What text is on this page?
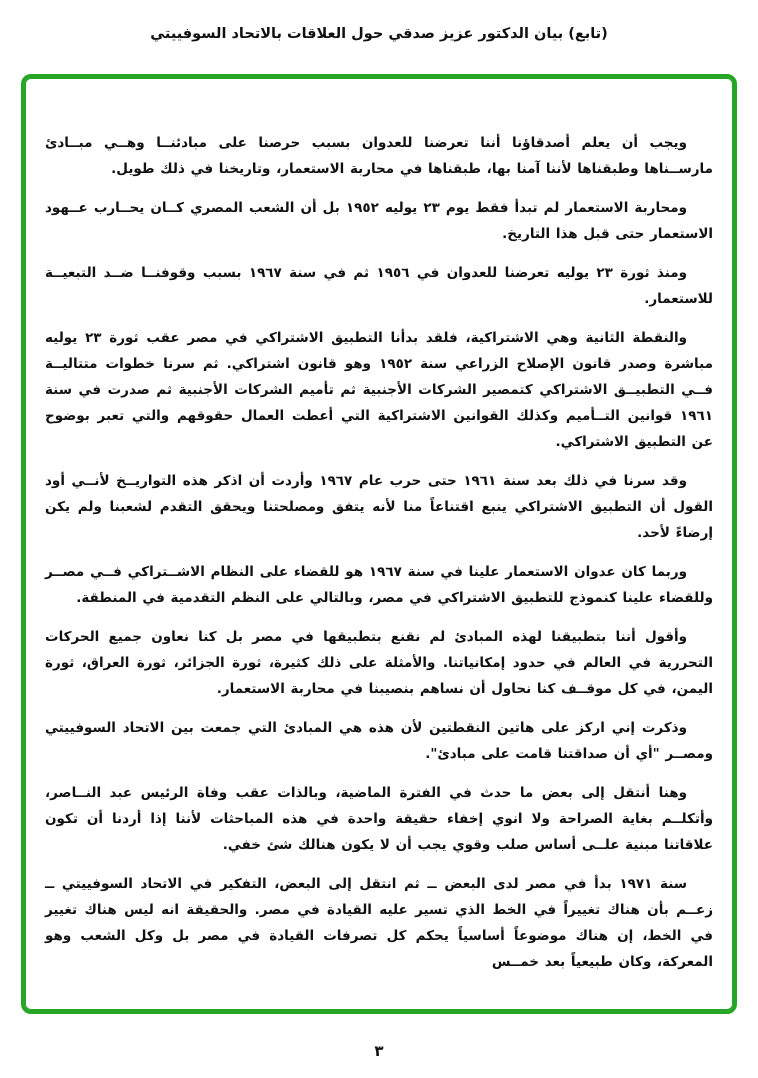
(تابع) بيان الدكتور عزيز صدقي حول العلاقات بالاتحاد السوفييتي

ويجب أن يعلم أصدقاؤنا أننا تعرضنا للعدوان بسبب حرصنا على مبادئنــا وهــي مبــادئ مارســناها وطبقناها لأننا آمنا بها، طبقناها في محاربة الاستعمار، وتاريخنا في ذلك طويل.

ومحاربة الاستعمار لم تبدأ فقط يوم ٢٣ يوليه ١٩٥٢ بل أن الشعب المصري كــان يحــارب عــهود الاستعمار حتى قبل هذا التاريخ.

ومنذ ثورة ٢٣ يوليه تعرضنا للعدوان في ١٩٥٦ ثم في سنة ١٩٦٧ بسبب وقوفنــا ضــد التبعيــة للاستعمار.

والنقطة الثانية وهي الاشتراكية، فلقد بدأنا التطبيق الاشتراكي في مصر عقب ثورة ٢٣ يوليه مباشرة وصدر قانون الإصلاح الزراعي سنة ١٩٥٢ وهو قانون اشتراكي. ثم سرنا خطوات متتاليــة فــي التطبيــق الاشتراكي كتمصير الشركات الأجنبية ثم تأميم الشركات الأجنبية ثم صدرت في سنة ١٩٦١ قوانين التــأميم وكذلك القوانين الاشتراكية التي أعطت العمال حقوقهم والتي تعبر بوضوح عن التطبيق الاشتراكي.

وقد سرنا في ذلك بعد سنة ١٩٦١ حتى حرب عام ١٩٦٧ وأردت أن اذكر هذه التواريــخ لأنــي أود القول أن التطبيق الاشتراكي ينبع اقتناعاً منا لأنه يتفق ومصلحتنا ويحقق التقدم لشعبنا ولم يكن إرضاءً لأحد.

وربما كان عدوان الاستعمار علينا في سنة ١٩٦٧ هو للقضاء على النظام الاشــتراكي فــي مصــر وللقضاء علينا كنموذج للتطبيق الاشتراكي في مصر، وبالتالي على النظم التقدمية في المنطقة.

وأقول أننا بتطبيقنا لهذه المبادئ لم نقنع بتطبيقها في مصر بل كنا نعاون جميع الحركات التحررية في العالم في حدود إمكانياتنا. والأمثلة على ذلك كثيرة، ثورة الجزائر، ثورة العراق، ثورة اليمن، في كل موقــف كنا نحاول أن نساهم بنصيبنا في محاربة الاستعمار.

وذكرت إني اركز على هاتين النقطتين لأن هذه هي المبادئ التي جمعت بين الاتحاد السوفييتي ومصــر "أي أن صداقتنا قامت على مبادئ".

وهنا أنتقل إلى بعض ما حدث في الفترة الماضية، وبالذات عقب وفاة الرئيس عبد النــاصر، وأتكلــم بغاية الصراحة ولا انوي إخفاء حقيقة واحدة في هذه المباحثات لأننا إذا أردنا أن تكون علاقاتنا مبنية علــى أساس صلب وقوي يجب أن لا يكون هنالك شئ خفي.

سنة ١٩٧١ بدأ في مصر لدى البعض ــ ثم انتقل إلى البعض، التفكير في الاتحاد السوفييتي ــ زعــم بأن هناك تغييراً في الخط الذي تسير عليه القيادة في مصر. والحقيقة انه ليس هناك تغيير في الخط، إن هناك موضوعاً أساسياً يحكم كل تصرفات القيادة في مصر بل وكل الشعب وهو المعركة، وكان طبيعياً بعد خمــس

٣
